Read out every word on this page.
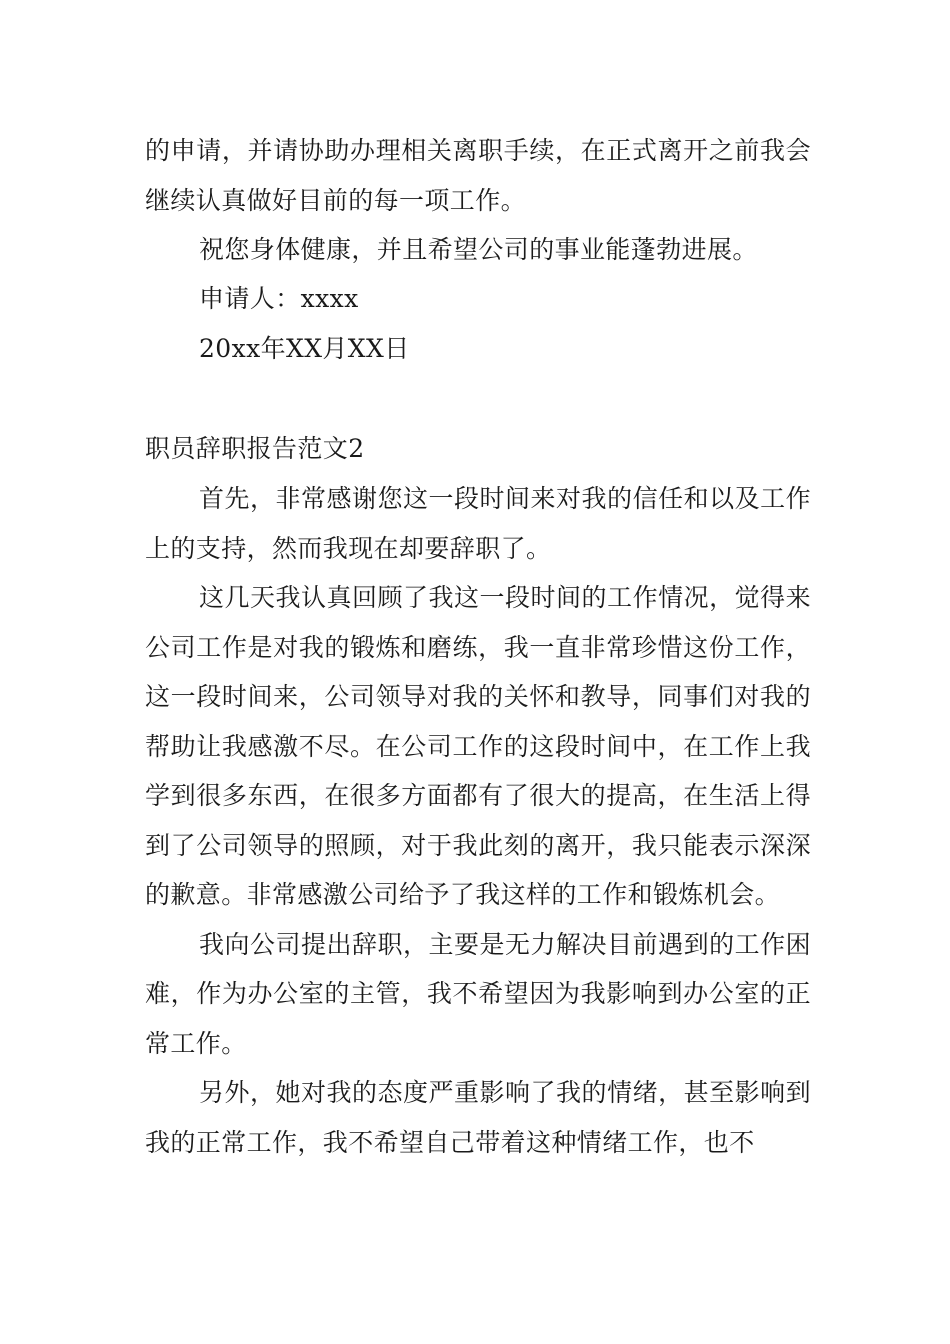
的申请，并请协助办理相关离职手续，在正式离开之前我会继续认真做好目前的每一项工作。

祝您身体健康，并且希望公司的事业能蓬勃进展。
申请人：xxxx
20xx年XX月XX日
职员辞职报告范文2

首先，非常感谢您这一段时间来对我的信任和以及工作上的支持，然而我现在却要辞职了。

这几天我认真回顾了我这一段时间的工作情况，觉得来公司工作是对我的锻炼和磨练，我一直非常珍惜这份工作，这一段时间来，公司领导对我的关怀和教导，同事们对我的帮助让我感激不尽。在公司工作的这段时间中，在工作上我学到很多东西，在很多方面都有了很大的提高，在生活上得到了公司领导的照顾，对于我此刻的离开，我只能表示深深的歉意。非常感激公司给予了我这样的工作和锻炼机会。

我向公司提出辞职，主要是无力解决目前遇到的工作困难，作为办公室的主管，我不希望因为我影响到办公室的正常工作。

另外，她对我的态度严重影响了我的情绪，甚至影响到我的正常工作，我不希望自己带着这种情绪工作，也不
